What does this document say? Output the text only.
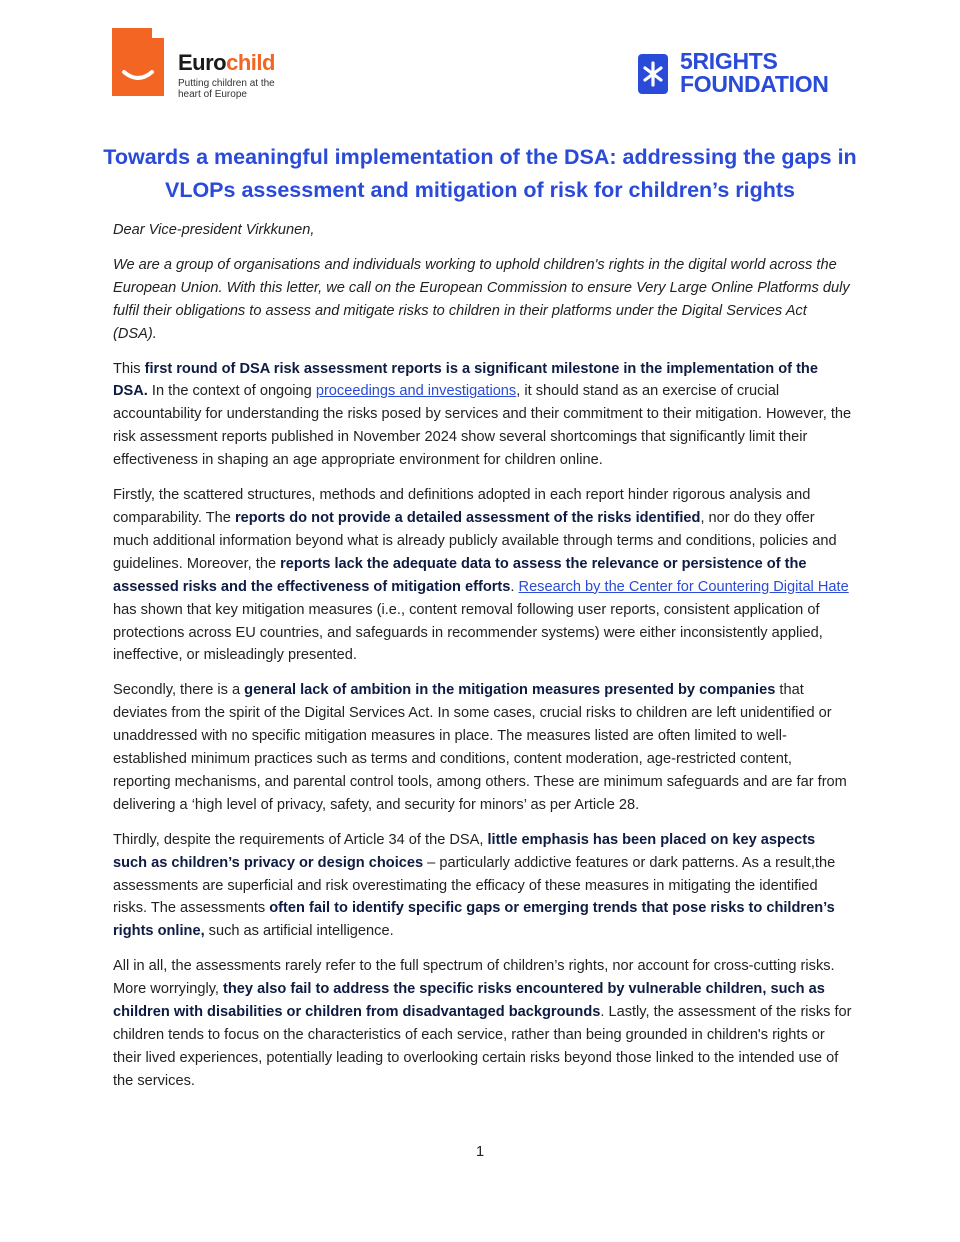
Eurochild
Putting children at the heart of Europe
5RIGHTS
FOUNDATION
Towards a meaningful implementation of the DSA: addressing the gaps in VLOPs assessment and mitigation of risk for children’s rights

Dear Vice-president Virkkunen,

We are a group of organisations and individuals working to uphold children's rights in the digital world across the European Union. With this letter, we call on the European Commission to ensure Very Large Online Platforms duly fulfil their obligations to assess and mitigate risks to children in their platforms under the Digital Services Act (DSA).

This first round of DSA risk assessment reports is a significant milestone in the implementation of the DSA. In the context of ongoing proceedings and investigations, it should stand as an exercise of crucial accountability for understanding the risks posed by services and their commitment to their mitigation. However, the risk assessment reports published in November 2024 show several shortcomings that significantly limit their effectiveness in shaping an age appropriate environment for children online.

Firstly, the scattered structures, methods and definitions adopted in each report hinder rigorous analysis and comparability. The reports do not provide a detailed assessment of the risks identified, nor do they offer much additional information beyond what is already publicly available through terms and conditions, policies and guidelines. Moreover, the reports lack the adequate data to assess the relevance or persistence of the assessed risks and the effectiveness of mitigation efforts. Research by the Center for Countering Digital Hate has shown that key mitigation measures (i.e., content removal following user reports, consistent application of protections across EU countries, and safeguards in recommender systems) were either inconsistently applied, ineffective, or misleadingly presented.

Secondly, there is a general lack of ambition in the mitigation measures presented by companies that deviates from the spirit of the Digital Services Act. In some cases, crucial risks to children are left unidentified or unaddressed with no specific mitigation measures in place. The measures listed are often limited to well-established minimum practices such as terms and conditions, content moderation, age-restricted content, reporting mechanisms, and parental control tools, among others. These are minimum safeguards and are far from delivering a ‘high level of privacy, safety, and security for minors’ as per Article 28.

Thirdly, despite the requirements of Article 34 of the DSA, little emphasis has been placed on key aspects such as children’s privacy or design choices – particularly addictive features or dark patterns. As a result,the assessments are superficial and risk overestimating the efficacy of these measures in mitigating the identified risks. The assessments often fail to identify specific gaps or emerging trends that pose risks to children’s rights online, such as artificial intelligence.

All in all, the assessments rarely refer to the full spectrum of children’s rights, nor account for cross-cutting risks. More worryingly, they also fail to address the specific risks encountered by vulnerable children, such as children with disabilities or children from disadvantaged backgrounds. Lastly, the assessment of the risks for children tends to focus on the characteristics of each service, rather than being grounded in children's rights or their lived experiences, potentially leading to overlooking certain risks beyond those linked to the intended use of the services.

1
